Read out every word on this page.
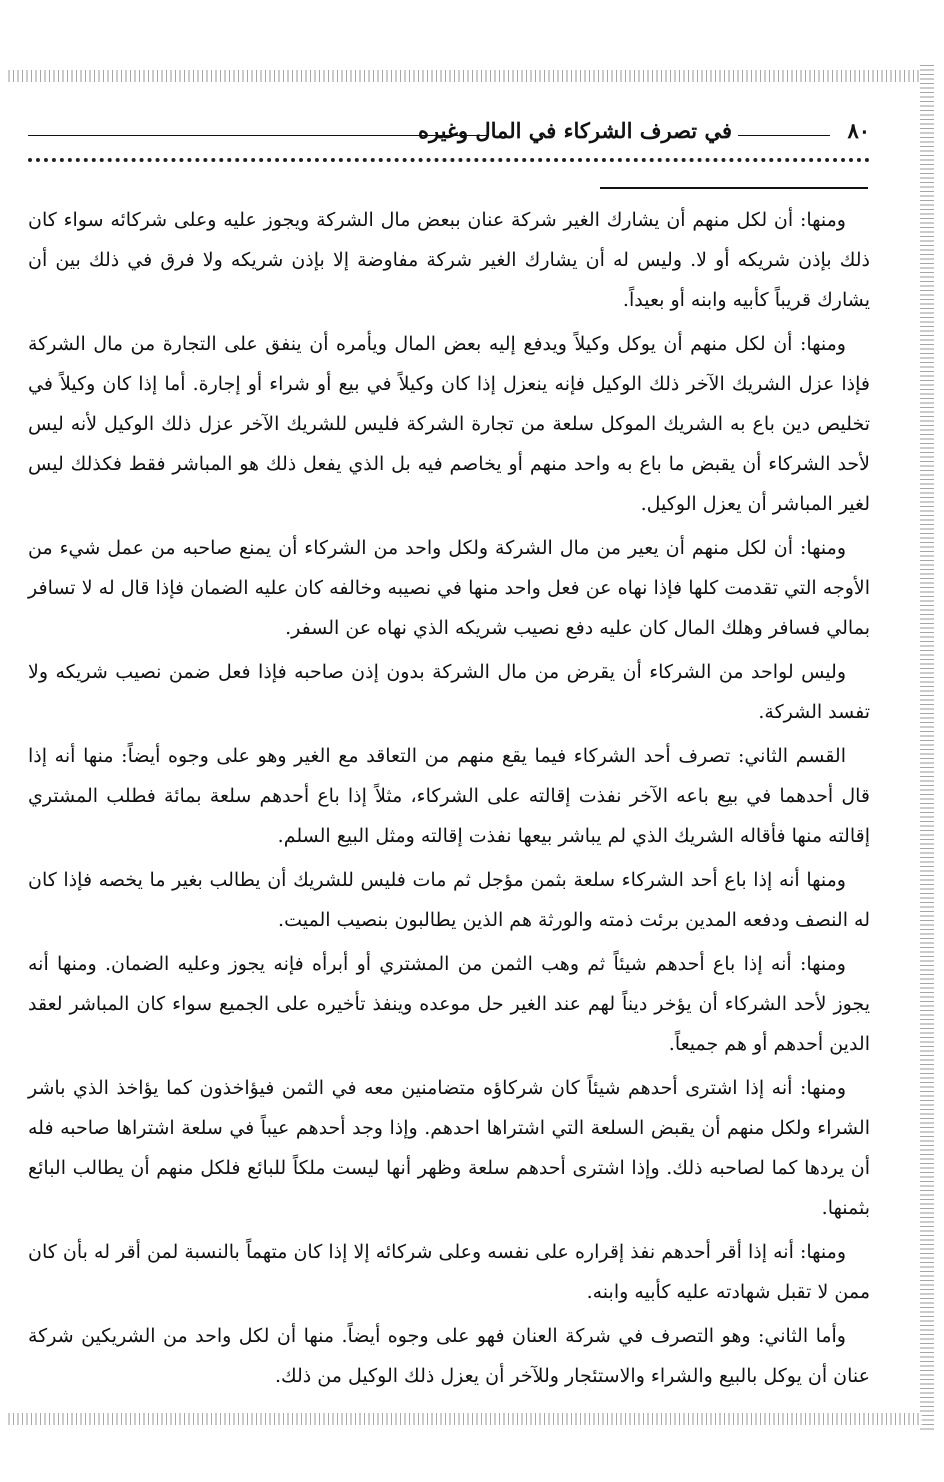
٨٠
في تصرف الشركاء في المال وغيره

ومنها: أن لكل منهم أن يشارك الغير شركة عنان ببعض مال الشركة ويجوز عليه وعلى شركائه سواء كان ذلك بإذن شريكه أو لا. وليس له أن يشارك الغير شركة مفاوضة إلا بإذن شريكه ولا فرق في ذلك بين أن يشارك قريباً كأبيه وابنه أو بعيداً.

ومنها: أن لكل منهم أن يوكل وكيلاً ويدفع إليه بعض المال ويأمره أن ينفق على التجارة من مال الشركة فإذا عزل الشريك الآخر ذلك الوكيل فإنه ينعزل إذا كان وكيلاً في بيع أو شراء أو إجارة. أما إذا كان وكيلاً في تخليص دين باع به الشريك الموكل سلعة من تجارة الشركة فليس للشريك الآخر عزل ذلك الوكيل لأنه ليس لأحد الشركاء أن يقبض ما باع به واحد منهم أو يخاصم فيه بل الذي يفعل ذلك هو المباشر فقط فكذلك ليس لغير المباشر أن يعزل الوكيل.

ومنها: أن لكل منهم أن يعير من مال الشركة ولكل واحد من الشركاء أن يمنع صاحبه من عمل شيء من الأوجه التي تقدمت كلها فإذا نهاه عن فعل واحد منها في نصيبه وخالفه كان عليه الضمان فإذا قال له لا تسافر بمالي فسافر وهلك المال كان عليه دفع نصيب شريكه الذي نهاه عن السفر.

وليس لواحد من الشركاء أن يقرض من مال الشركة بدون إذن صاحبه فإذا فعل ضمن نصيب شريكه ولا تفسد الشركة.

القسم الثاني: تصرف أحد الشركاء فيما يقع منهم من التعاقد مع الغير وهو على وجوه أيضاً: منها أنه إذا قال أحدهما في بيع باعه الآخر نفذت إقالته على الشركاء، مثلاً إذا باع أحدهم سلعة بمائة فطلب المشتري إقالته منها فأقاله الشريك الذي لم يباشر بيعها نفذت إقالته ومثل البيع السلم.

ومنها أنه إذا باع أحد الشركاء سلعة بثمن مؤجل ثم مات فليس للشريك أن يطالب بغير ما يخصه فإذا كان له النصف ودفعه المدين برئت ذمته والورثة هم الذين يطالبون بنصيب الميت.

ومنها: أنه إذا باع أحدهم شيئاً ثم وهب الثمن من المشتري أو أبرأه فإنه يجوز وعليه الضمان. ومنها أنه يجوز لأحد الشركاء أن يؤخر ديناً لهم عند الغير حل موعده وينفذ تأخيره على الجميع سواء كان المباشر لعقد الدين أحدهم أو هم جميعاً.

ومنها: أنه إذا اشترى أحدهم شيئاً كان شركاؤه متضامنين معه في الثمن فيؤاخذون كما يؤاخذ الذي باشر الشراء ولكل منهم أن يقبض السلعة التي اشتراها احدهم. وإذا وجد أحدهم عيباً في سلعة اشتراها صاحبه فله أن يردها كما لصاحبه ذلك. وإذا اشترى أحدهم سلعة وظهر أنها ليست ملكاً للبائع فلكل منهم أن يطالب البائع بثمنها.

ومنها: أنه إذا أقر أحدهم نفذ إقراره على نفسه وعلى شركائه إلا إذا كان متهماً بالنسبة لمن أقر له بأن كان ممن لا تقبل شهادته عليه كأبيه وابنه.

وأما الثاني: وهو التصرف في شركة العنان فهو على وجوه أيضاً. منها أن لكل واحد من الشريكين شركة عنان أن يوكل بالبيع والشراء والاستئجار وللآخر أن يعزل ذلك الوكيل من ذلك.
